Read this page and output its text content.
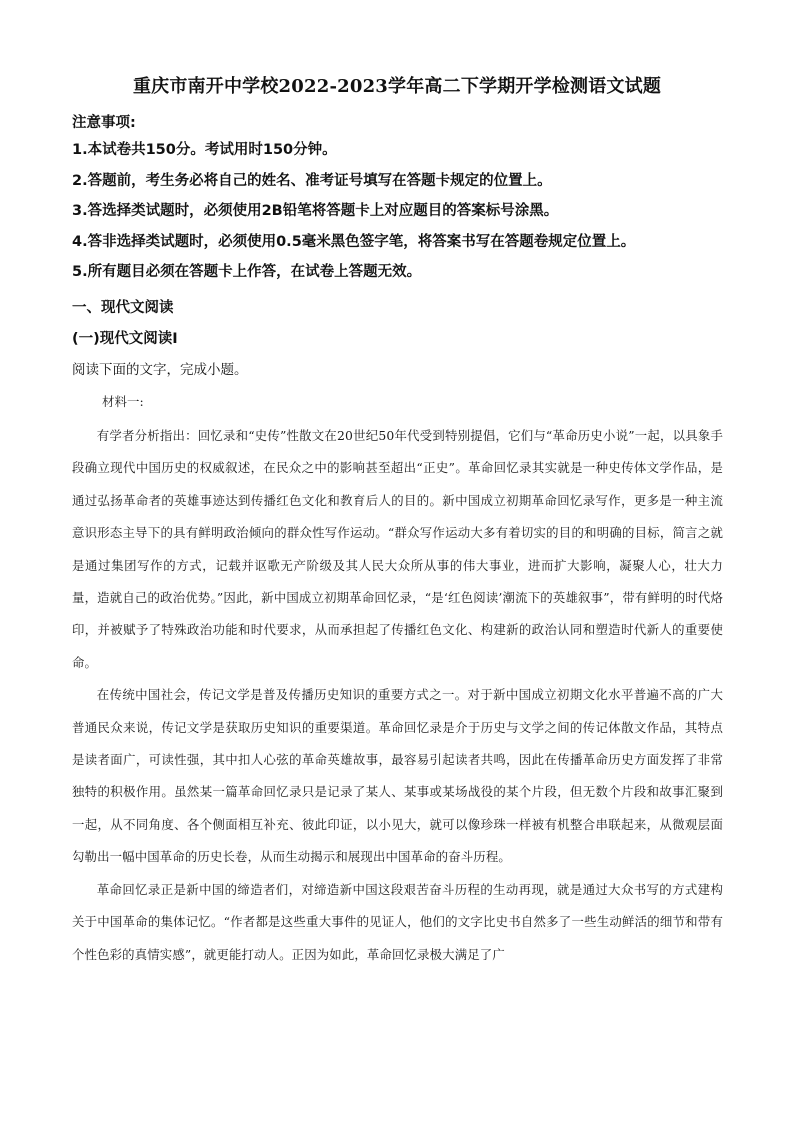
重庆市南开中学校2022-2023学年高二下学期开学检测语文试题
注意事项:
1.本试卷共150分。考试用时150分钟。
2.答题前，考生务必将自己的姓名、准考证号填写在答题卡规定的位置上。
3.答选择类试题时，必须使用2B铅笔将答题卡上对应题目的答案标号涂黑。
4.答非选择类试题时，必须使用0.5毫米黑色签字笔，将答案书写在答题卷规定位置上。
5.所有题目必须在答题卡上作答，在试卷上答题无效。
一、现代文阅读
(一)现代文阅读Ⅰ
阅读下面的文字，完成小题。
材料一:

有学者分析指出：回忆录和“史传”性散文在20世纪50年代受到特别提倡，它们与“革命历史小说”一起，以具象手段确立现代中国历史的权威叙述，在民众之中的影响甚至超出“正史”。革命回忆录其实就是一种史传体文学作品，是通过弘扬革命者的英雄事迹达到传播红色文化和教育后人的目的。新中国成立初期革命回忆录写作，更多是一种主流意识形态主导下的具有鲜明政治倾向的群众性写作运动。“群众写作运动大多有着切实的目的和明确的目标，简言之就是通过集团写作的方式，记载并讴歌无产阶级及其人民大众所从事的伟大事业，进而扩大影响，凝聚人心，壮大力量，造就自己的政治优势。”因此，新中国成立初期革命回忆录，“是‘红色阅读’潮流下的英雄叙事”，带有鲜明的时代烙印，并被赋予了特殊政治功能和时代要求，从而承担起了传播红色文化、构建新的政治认同和塑造时代新人的重要使命。

在传统中国社会，传记文学是普及传播历史知识的重要方式之一。对于新中国成立初期文化水平普遍不高的广大普通民众来说，传记文学是获取历史知识的重要渠道。革命回忆录是介于历史与文学之间的传记体散文作品，其特点是读者面广，可读性强，其中扣人心弦的革命英雄故事，最容易引起读者共鸣，因此在传播革命历史方面发挥了非常独特的积极作用。虽然某一篇革命回忆录只是记录了某人、某事或某场战役的某个片段，但无数个片段和故事汇聚到一起，从不同角度、各个侧面相互补充、彼此印证，以小见大，就可以像珍珠一样被有机整合串联起来，从微观层面勾勒出一幅中国革命的历史长卷，从而生动揭示和展现出中国革命的奋斗历程。

革命回忆录正是新中国的缔造者们，对缔造新中国这段艰苦奋斗历程的生动再现，就是通过大众书写的方式建构关于中国革命的集体记忆。“作者都是这些重大事件的见证人，他们的文字比史书自然多了一些生动鲜活的细节和带有个性色彩的真情实感”，就更能打动人。正因为如此，革命回忆录极大满足了广
